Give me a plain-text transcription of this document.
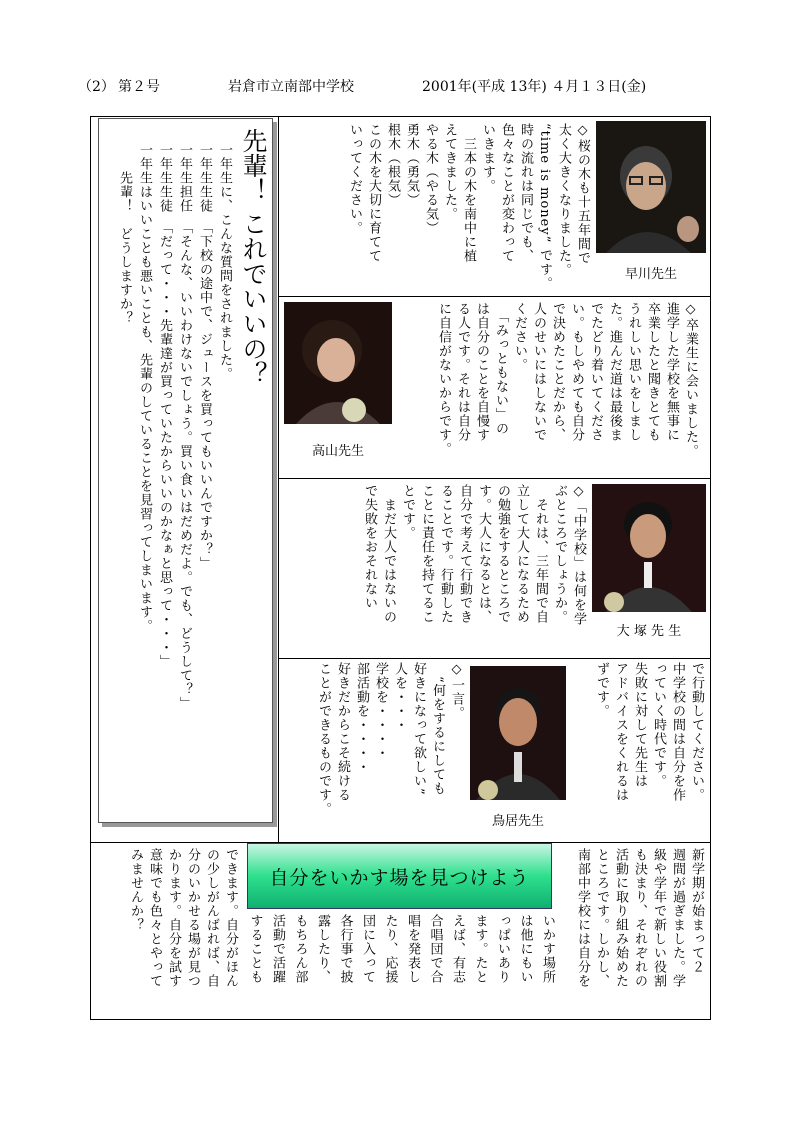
（2） 第２号	岩倉市立南部中学校	2001年(平成 13年) ４月１３日(金)
先輩！ これでいいの？

一年生に、こんな質問をされました。

一年生生徒　「下校の途中で、ジュースを買ってもいいんですか？」

一年生担任　「そんな、いいわけないでしょう。買い食いはだめだよ。でも、どうして？」

一年生生徒　「だって・・・先輩達が買っていたからいいのかなぁと思って・・・」

一年生はいいことも悪いことも、先輩のしていることを見習ってしまいます。

　　先輩！　どうしますか？	早川先生

◇桜の木も十五年間で

太く大きくなりました。

“time is money” です。

時の流れは同じでも、

色々なことが変わって

いきます。

　三本の木を南中に植

えてきました。

やる木（やる気）

勇木（勇気）

根木（根気）

この木を大切に育てて

いってください。

高山先生	◇卒業生に会いました。

進学した学校を無事に

卒業したと聞きとても

うれしい思いをしまし

た。進んだ道は最後ま

でたどり着いてくださ

い。もしやめても自分

で決めたことだから、

人のせいにはしないで

ください。

　「みっともない」の

は自分のことを自慢す

る人です。それは自分

に自信がないからです。

大 塚 先 生

◇「中学校」は何を学

ぶところでしょうか。

　それは、三年間で自

立して大人になるため

の勉強をするところで

す。大人になるとは、

自分で考えて行動でき

ることです。行動した

ことに責任を持てるこ

とです。

　まだ大人ではないの

で失敗をおそれない

で行動してください。

中学校の間は自分を作

っていく時代です。

失敗に対して先生は

アドバイスをくれるは

ずです。

鳥居先生

◇一言。

　“何をするにしても

好きになって欲しい”

人を・・・

学校を・・・・

部活動を・・・・

好きだからこそ続ける

ことができるものです。

新学期が始まって２

週間が過ぎました。学

級や学年で新しい役割

も決まり、それぞれの

活動に取り組み始めた

ところです。しかし、

南部中学校には自分を

自分をいかす場を見つけよう

いかす場所

は他にもい

っぱいあり

ます。たと

えば、有志

合唱団で合

唱を発表し

たり、応援

団に入って

各行事で披

露したり、

もちろん部

活動で活躍

することも

できます。自分がほん

の少しがんばれば、自

分のいかせる場が見つ

かります。自分を試す

意味でも色々とやって

みませんか？
